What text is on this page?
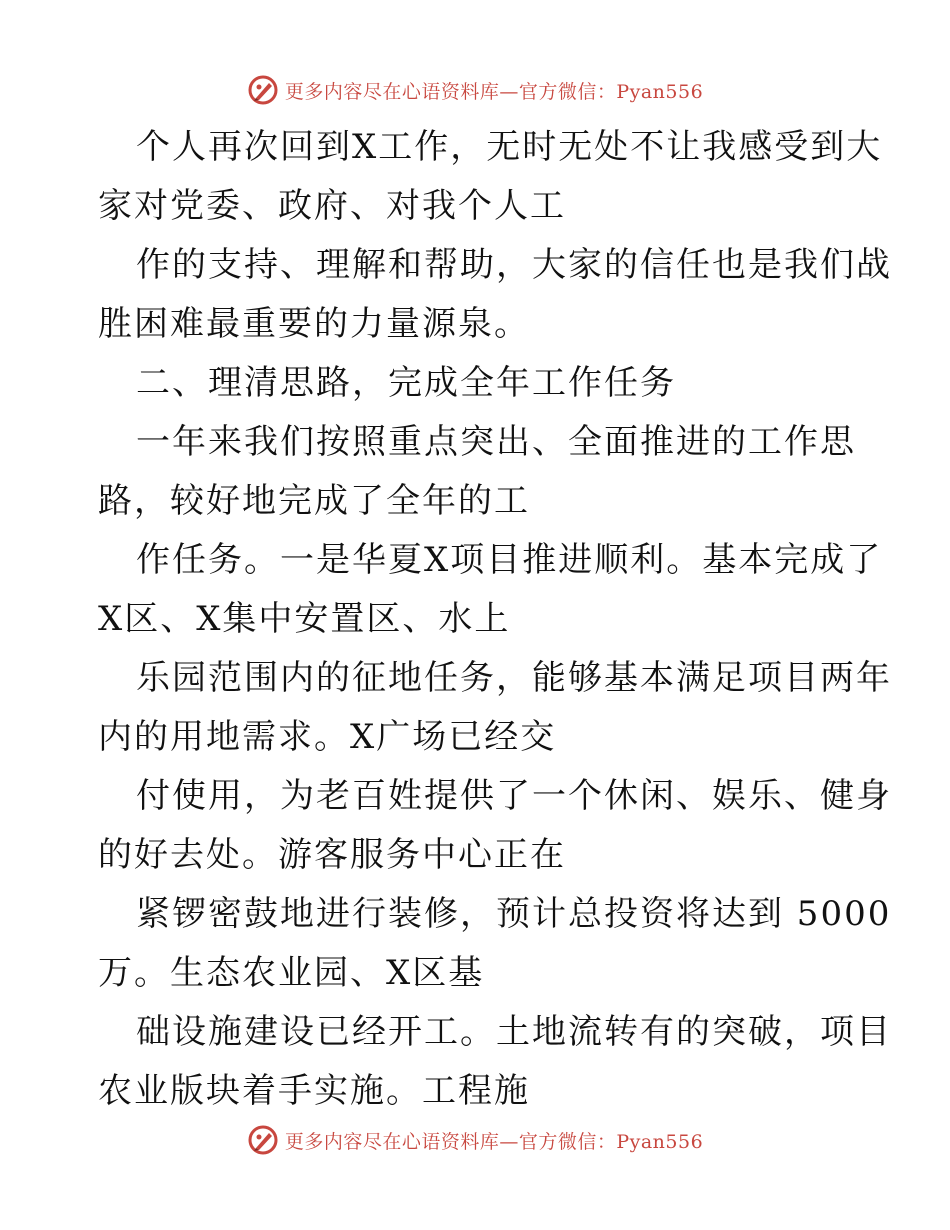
更多内容尽在心语资料库—官方微信：Pyan556
个人再次回到X工作，无时无处不让我感受到大
家对党委、政府、对我个人工
作的支持、理解和帮助，大家的信任也是我们战
胜困难最重要的力量源泉。
二、理清思路，完成全年工作任务
一年来我们按照重点突出、全面推进的工作思
路，较好地完成了全年的工
作任务。一是华夏X项目推进顺利。基本完成了
X区、X集中安置区、水上
乐园范围内的征地任务，能够基本满足项目两年
内的用地需求。X广场已经交
付使用，为老百姓提供了一个休闲、娱乐、健身
的好去处。游客服务中心正在
紧锣密鼓地进行装修，预计总投资将达到 5000
万。生态农业园、X区基
础设施建设已经开工。土地流转有的突破，项目
农业版块着手实施。工程施
更多内容尽在心语资料库—官方微信：Pyan556
